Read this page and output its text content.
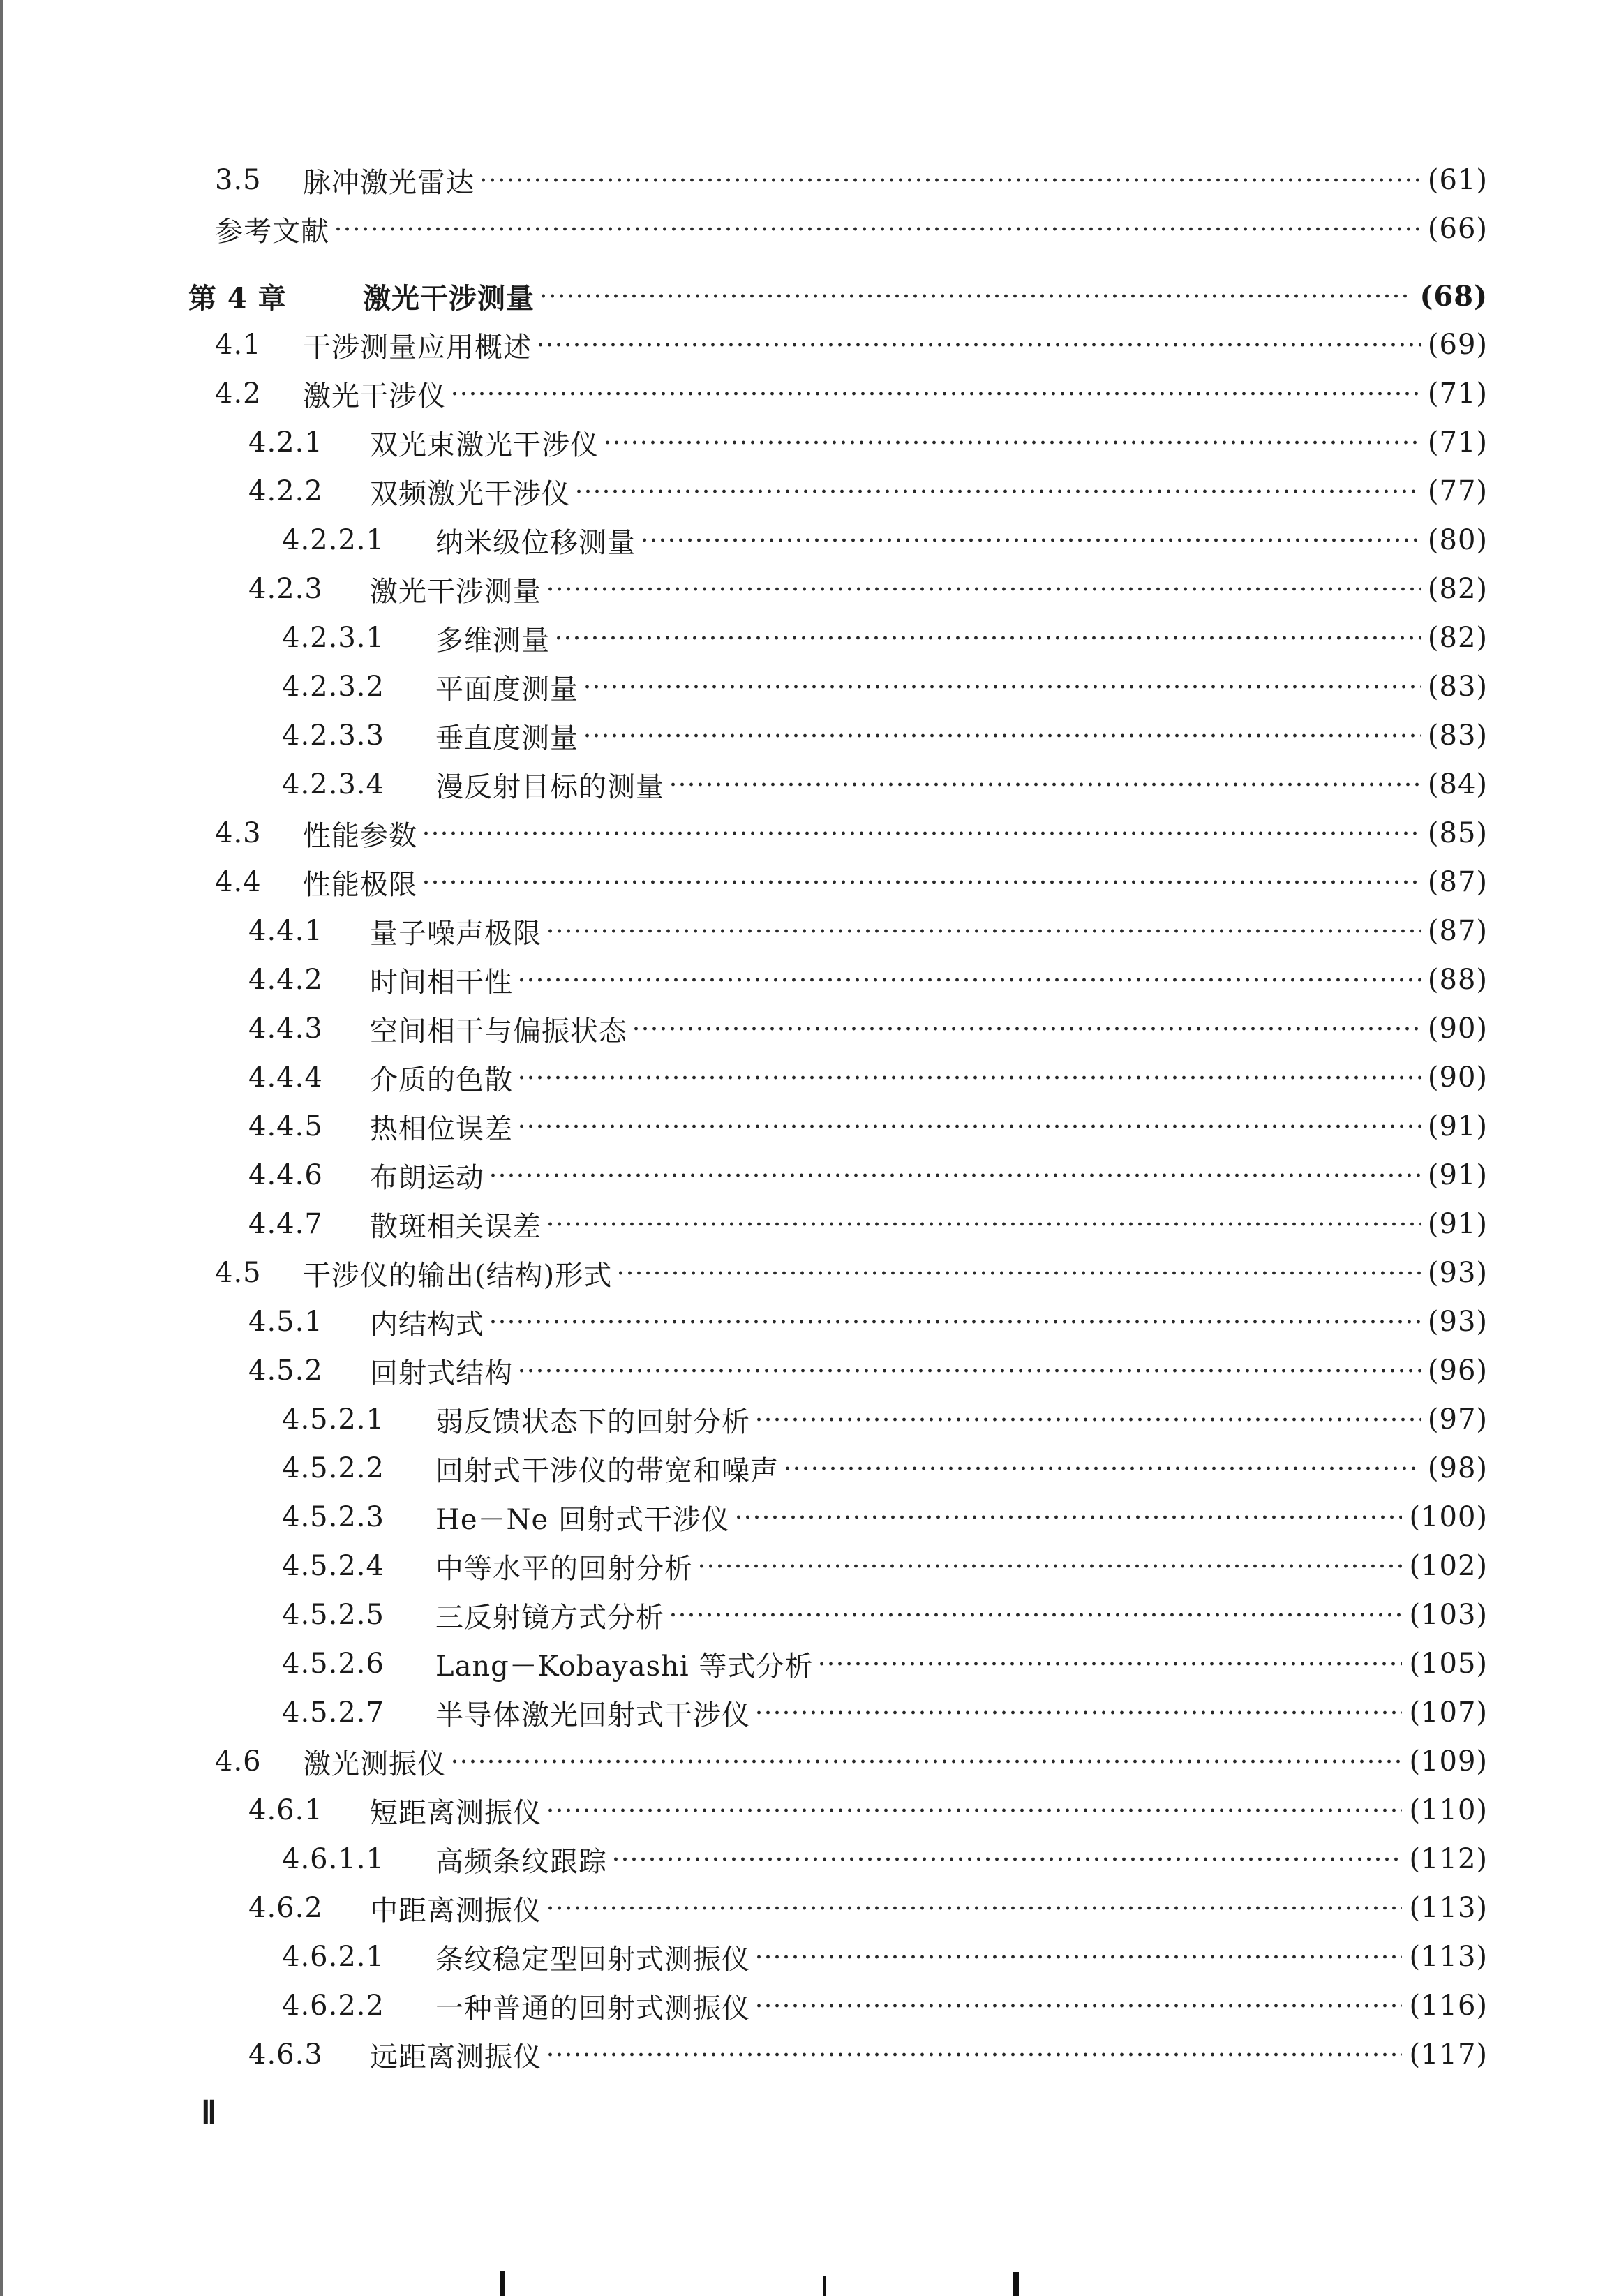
3.5	脉冲激光雷达	(61)
参考文献	(66)
第 4 章	激光干涉测量	(68)
4.1	干涉测量应用概述	(69)
4.2	激光干涉仪	(71)
4.2.1	双光束激光干涉仪	(71)
4.2.2	双频激光干涉仪	(77)
4.2.2.1	纳米级位移测量	(80)
4.2.3	激光干涉测量	(82)
4.2.3.1	多维测量	(82)
4.2.3.2	平面度测量	(83)
4.2.3.3	垂直度测量	(83)
4.2.3.4	漫反射目标的测量	(84)
4.3	性能参数	(85)
4.4	性能极限	(87)
4.4.1	量子噪声极限	(87)
4.4.2	时间相干性	(88)
4.4.3	空间相干与偏振状态	(90)
4.4.4	介质的色散	(90)
4.4.5	热相位误差	(91)
4.4.6	布朗运动	(91)
4.4.7	散斑相关误差	(91)
4.5	干涉仪的输出(结构)形式	(93)
4.5.1	内结构式	(93)
4.5.2	回射式结构	(96)
4.5.2.1	弱反馈状态下的回射分析	(97)
4.5.2.2	回射式干涉仪的带宽和噪声	(98)
4.5.2.3	He－Ne 回射式干涉仪	(100)
4.5.2.4	中等水平的回射分析	(102)
4.5.2.5	三反射镜方式分析	(103)
4.5.2.6	Lang－Kobayashi 等式分析	(105)
4.5.2.7	半导体激光回射式干涉仪	(107)
4.6	激光测振仪	(109)
4.6.1	短距离测振仪	(110)
4.6.1.1	高频条纹跟踪	(112)
4.6.2	中距离测振仪	(113)
4.6.2.1	条纹稳定型回射式测振仪	(113)
4.6.2.2	一种普通的回射式测振仪	(116)
4.6.3	远距离测振仪	(117)
Ⅱ
